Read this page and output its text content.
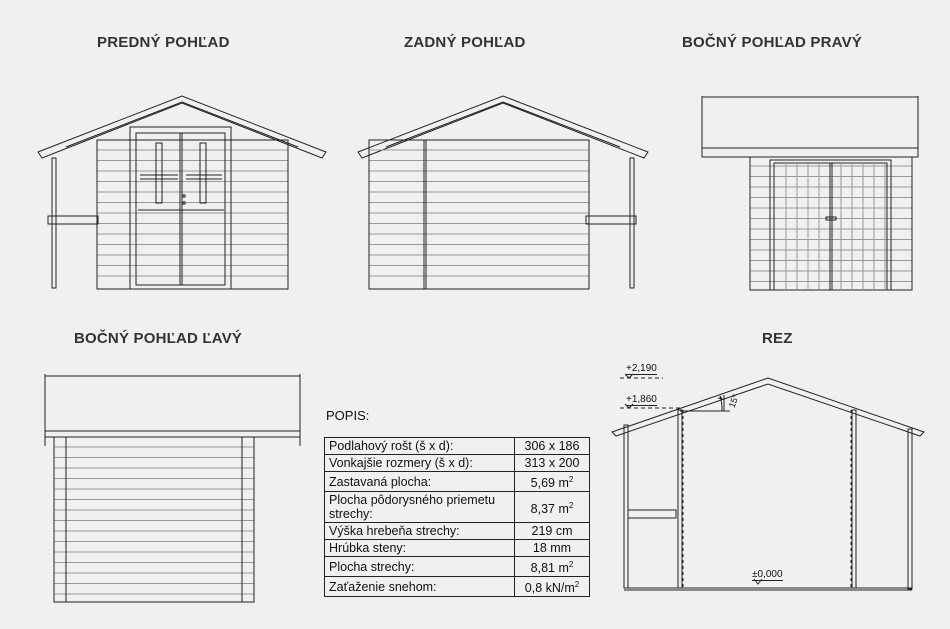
PREDNÝ POHĽAD	ZADNÝ POHĽAD	BOČNÝ POHĽAD PRAVÝ
BOČNÝ POHĽAD ĽAVÝ	REZ
+2,190
+1,860
±0,000
15°
POPIS:
Podlahový rošt (š x d):	306 x 186
Vonkajšie rozmery (š x d):	313 x 200
Zastavaná plocha:	5,69 $m^2$
Plocha pôdorysného priemetu strechy:	8,37 $m^2$
Výška hrebeňa strechy:	219 cm
Hrúbka steny:	18 mm
Plocha strechy:	8,81 $m^2$
Zaťaženie snehom:	0,8 $kN/m^2$
